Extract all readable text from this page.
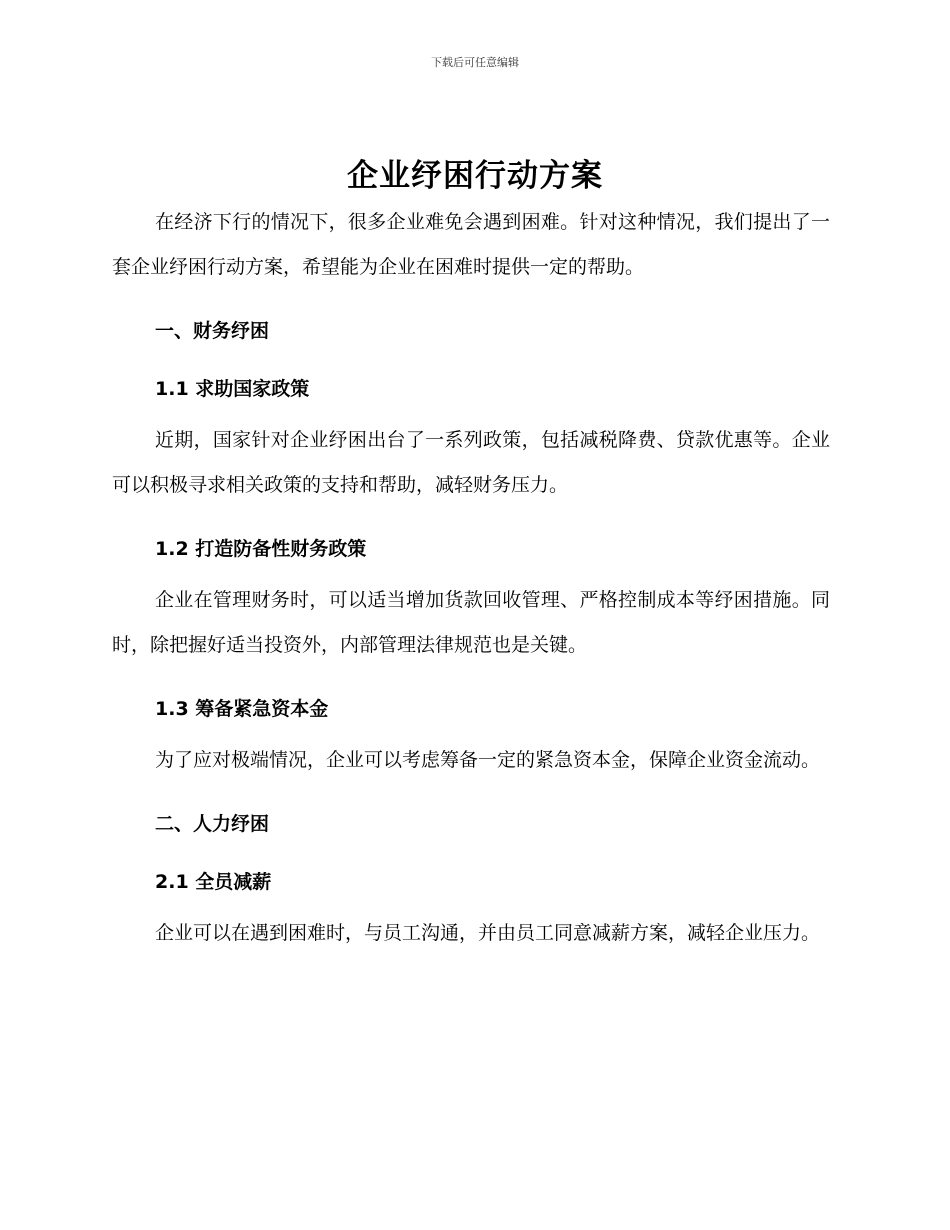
下载后可任意编辑
企业纾困行动方案

在经济下行的情况下，很多企业难免会遇到困难。针对这种情况，我们提出了一套企业纾困行动方案，希望能为企业在困难时提供一定的帮助。

一、财务纾困
1.1 求助国家政策

近期，国家针对企业纾困出台了一系列政策，包括减税降费、贷款优惠等。企业可以积极寻求相关政策的支持和帮助，减轻财务压力。

1.2 打造防备性财务政策

企业在管理财务时，可以适当增加货款回收管理、严格控制成本等纾困措施。同时，除把握好适当投资外，内部管理法律规范也是关键。

1.3 筹备紧急资本金

为了应对极端情况，企业可以考虑筹备一定的紧急资本金，保障企业资金流动。

二、人力纾困
2.1 全员减薪

企业可以在遇到困难时，与员工沟通，并由员工同意减薪方案，减轻企业压力。
